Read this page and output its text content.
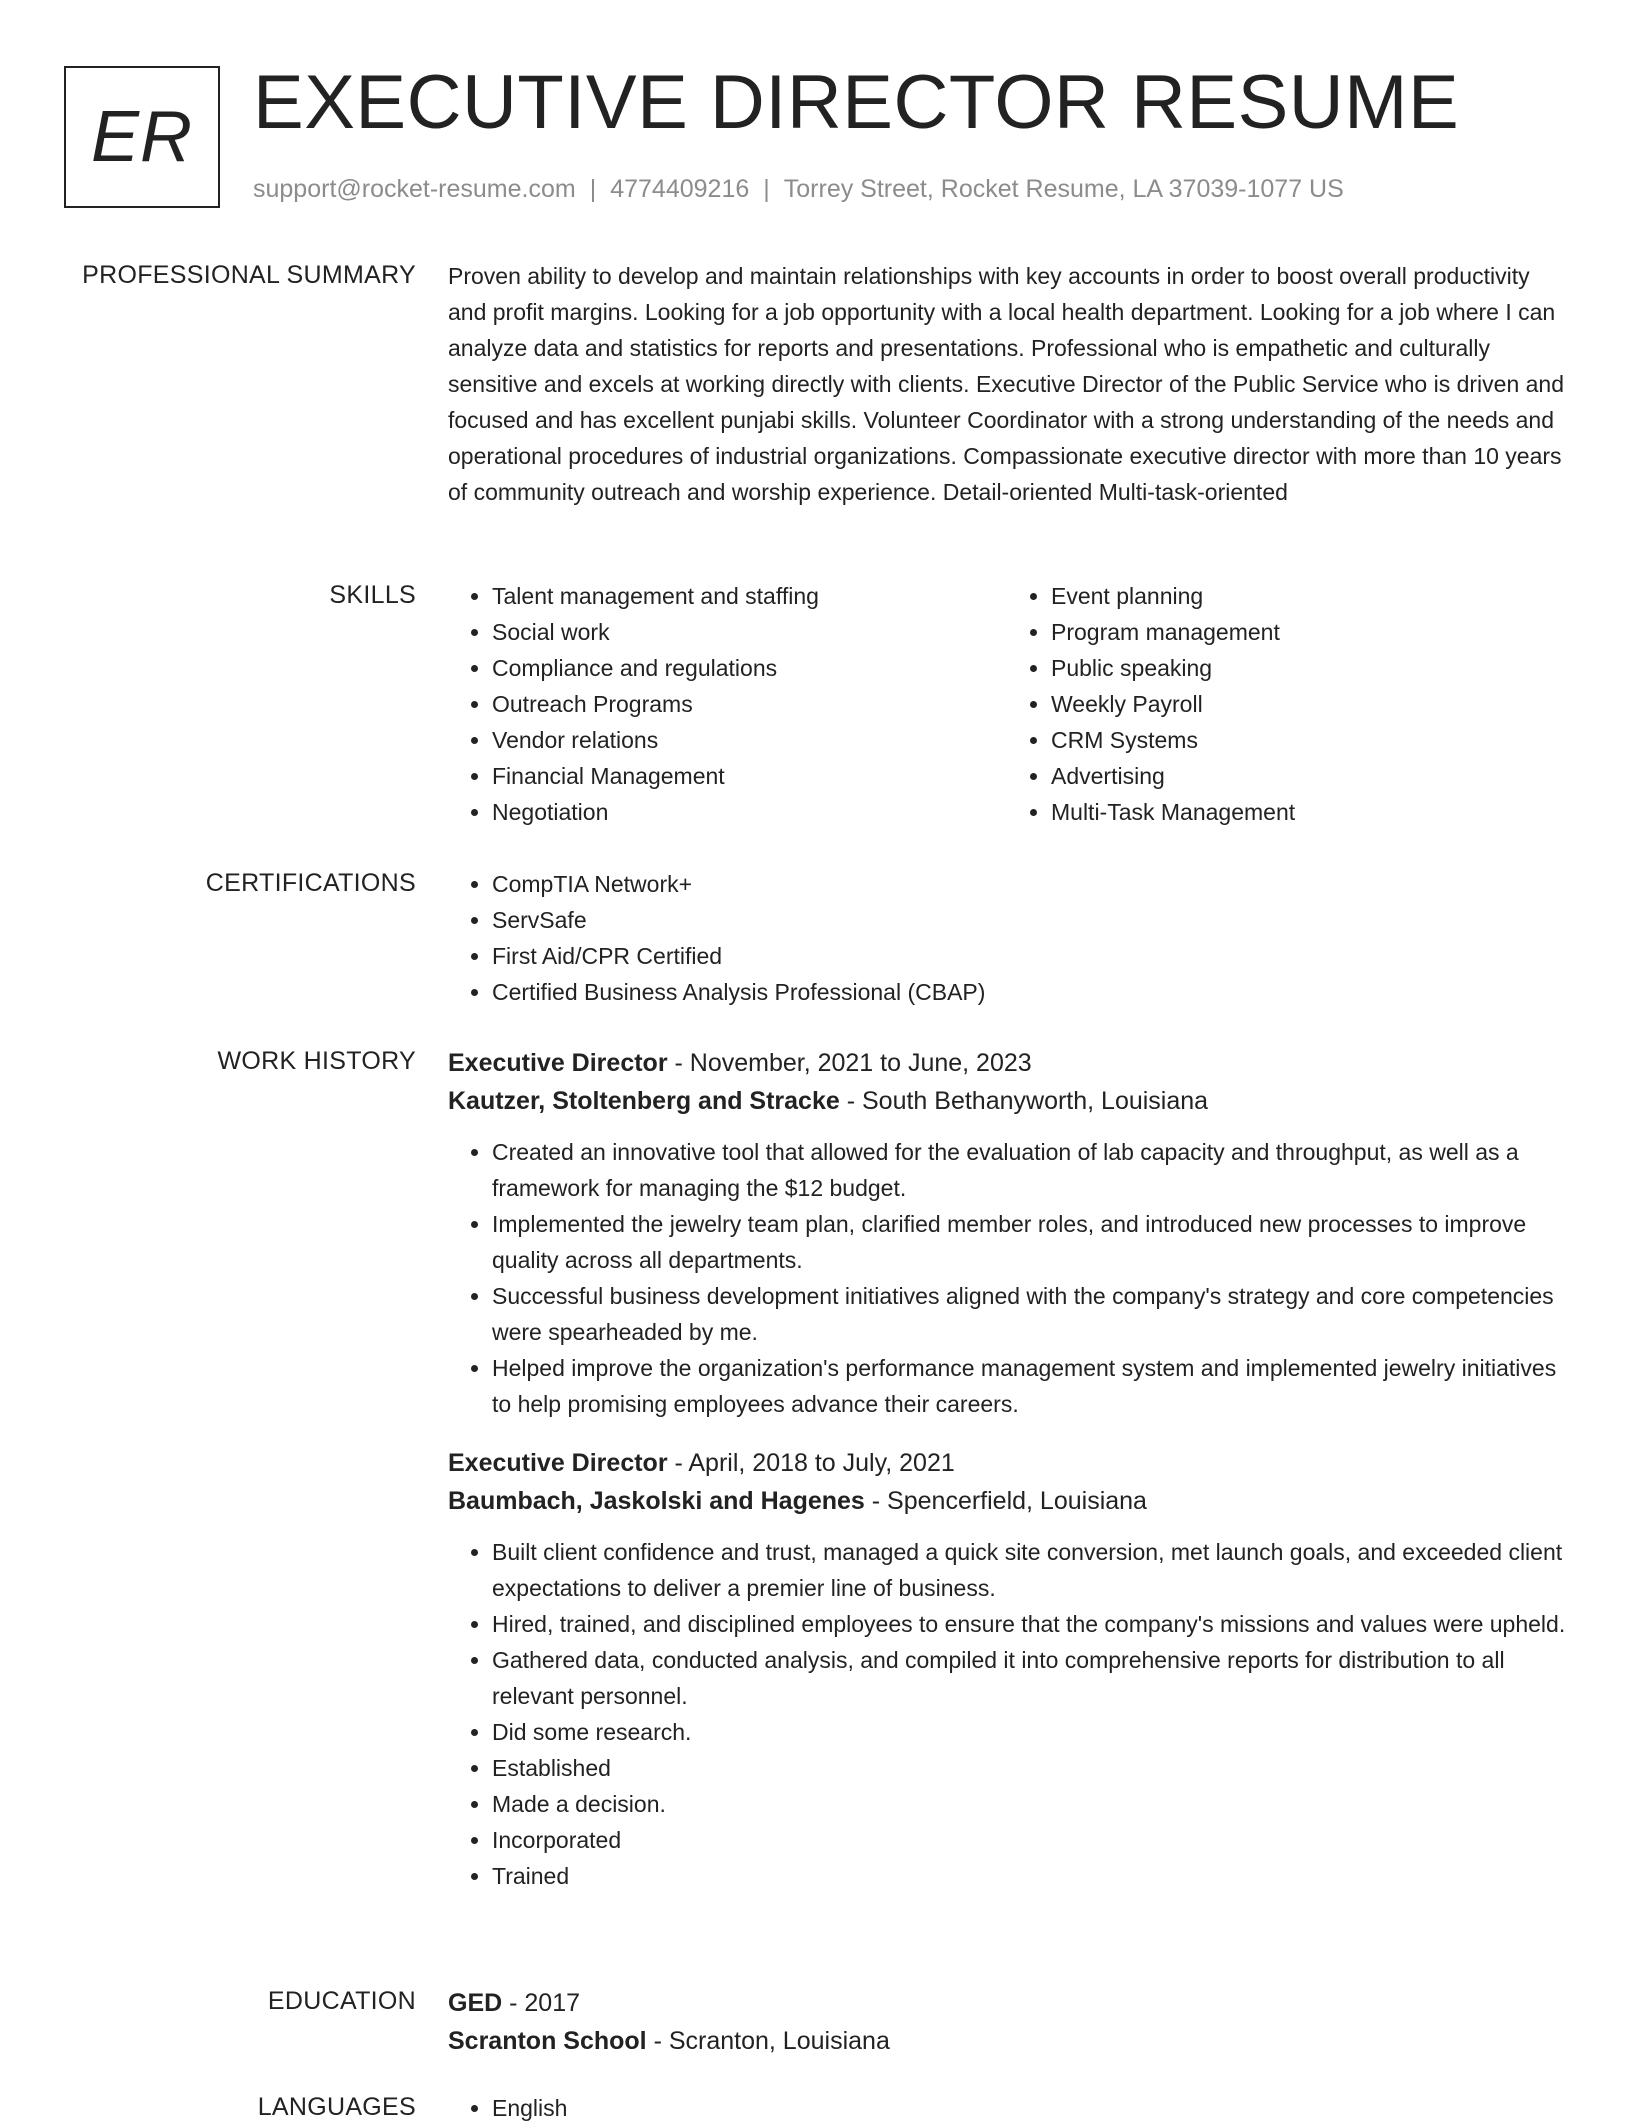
ER EXECUTIVE DIRECTOR RESUME
support@rocket-resume.com | 4774409216 | Torrey Street, Rocket Resume, LA 37039-1077 US
PROFESSIONAL SUMMARY Proven ability to develop and maintain relationships with key accounts in order to boost overall productivity and profit margins. Looking for a job opportunity with a local health department. Looking for a job where I can analyze data and statistics for reports and presentations. Professional who is empathetic and culturally sensitive and excels at working directly with clients. Executive Director of the Public Service who is driven and focused and has excellent punjabi skills. Volunteer Coordinator with a strong understanding of the needs and operational procedures of industrial organizations. Compassionate executive director with more than 10 years of community outreach and worship experience. Detail-oriented Multi-task-oriented

SKILLS	• Talent management and staffing
• Social work
• Compliance and regulations
• Outreach Programs
• Vendor relations
• Financial Management
• Negotiation
• Event planning
• Program management
• Public speaking
• Weekly Payroll
• CRM Systems
• Advertising
• Multi-Task Management
CERTIFICATIONS	• CompTIA Network+
• ServSafe
• First Aid/CPR Certified
• Certified Business Analysis Professional (CBAP)
WORK HISTORY Executive Director - November, 2021 to June, 2023
Kautzer, Stoltenberg and Stracke - South Bethanyworth, Louisiana
• Created an innovative tool that allowed for the evaluation of lab capacity and throughput, as well as a framework for managing the $12 budget.
• Implemented the jewelry team plan, clarified member roles, and introduced new processes to improve quality across all departments.
• Successful business development initiatives aligned with the company's strategy and core competencies were spearheaded by me.
• Helped improve the organization's performance management system and implemented jewelry initiatives to help promising employees advance their careers.
Executive Director - April, 2018 to July, 2021
Baumbach, Jaskolski and Hagenes - Spencerfield, Louisiana
• Built client confidence and trust, managed a quick site conversion, met launch goals, and exceeded client expectations to deliver a premier line of business.
• Hired, trained, and disciplined employees to ensure that the company's missions and values were upheld.
• Gathered data, conducted analysis, and compiled it into comprehensive reports for distribution to all relevant personnel.
• Did some research.
• Established
• Made a decision.
• Incorporated
• Trained
EDUCATION GED - 2017
Scranton School - Scranton, Louisiana
LANGUAGES	• English
